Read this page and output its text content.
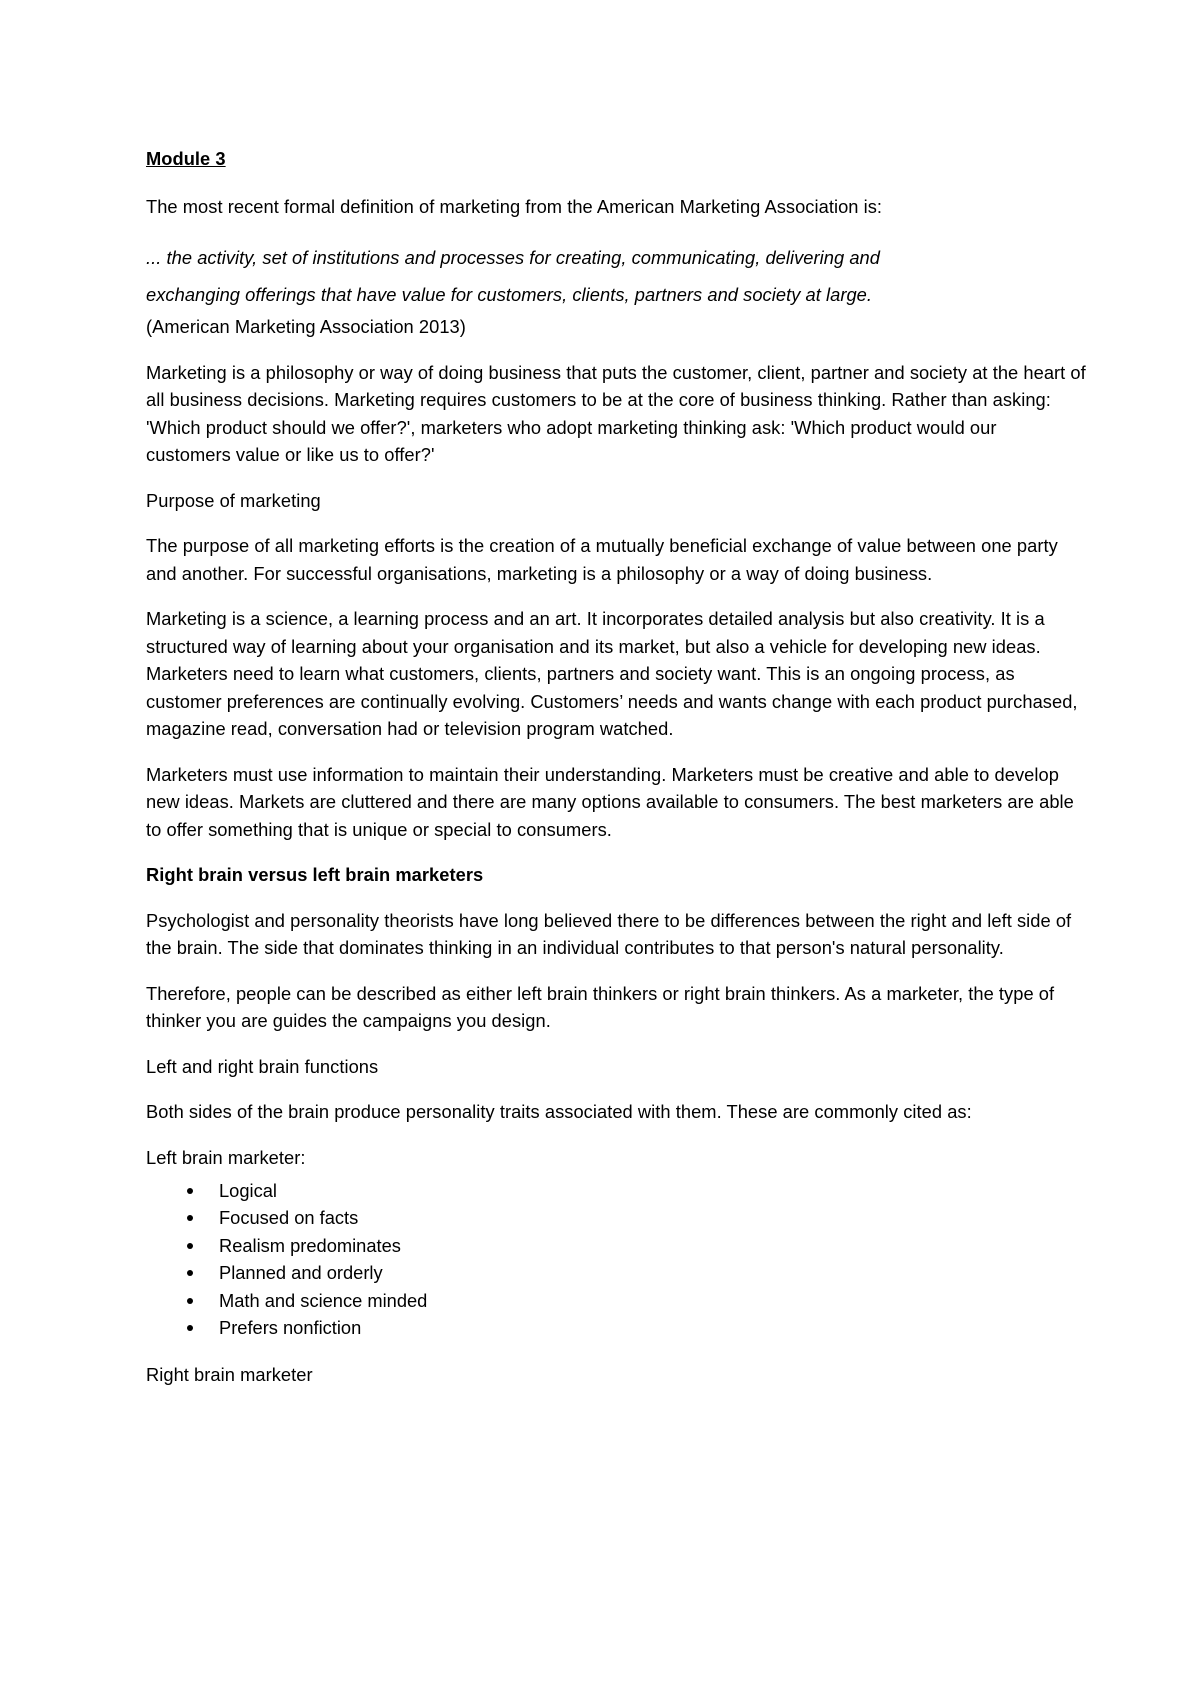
Module 3

The most recent formal definition of marketing from the American Marketing Association is:

... the activity, set of institutions and processes for creating, communicating, delivering and

exchanging offerings that have value for customers, clients, partners and society at large.

(American Marketing Association 2013)

Marketing is a philosophy or way of doing business that puts the customer, client, partner and society at the heart of all business decisions. Marketing requires customers to be at the core of business thinking. Rather than asking: 'Which product should we offer?', marketers who adopt marketing thinking ask: 'Which product would our customers value or like us to offer?'

Purpose of marketing

The purpose of all marketing efforts is the creation of a mutually beneficial exchange of value between one party and another. For successful organisations, marketing is a philosophy or a way of doing business.

Marketing is a science, a learning process and an art. It incorporates detailed analysis but also creativity. It is a structured way of learning about your organisation and its market, but also a vehicle for developing new ideas. Marketers need to learn what customers, clients, partners and society want. This is an ongoing process, as customer preferences are continually evolving. Customers’ needs and wants change with each product purchased, magazine read, conversation had or television program watched.

Marketers must use information to maintain their understanding. Marketers must be creative and able to develop new ideas. Markets are cluttered and there are many options available to consumers. The best marketers are able to offer something that is unique or special to consumers.

Right brain versus left brain marketers

Psychologist and personality theorists have long believed there to be differences between the right and left side of the brain. The side that dominates thinking in an individual contributes to that person's natural personality.

Therefore, people can be described as either left brain thinkers or right brain thinkers. As a marketer, the type of thinker you are guides the campaigns you design.

Left and right brain functions

Both sides of the brain produce personality traits associated with them. These are commonly cited as:

Left brain marketer:

Logical
Focused on facts
Realism predominates
Planned and orderly
Math and science minded
Prefers nonfiction

Right brain marketer
